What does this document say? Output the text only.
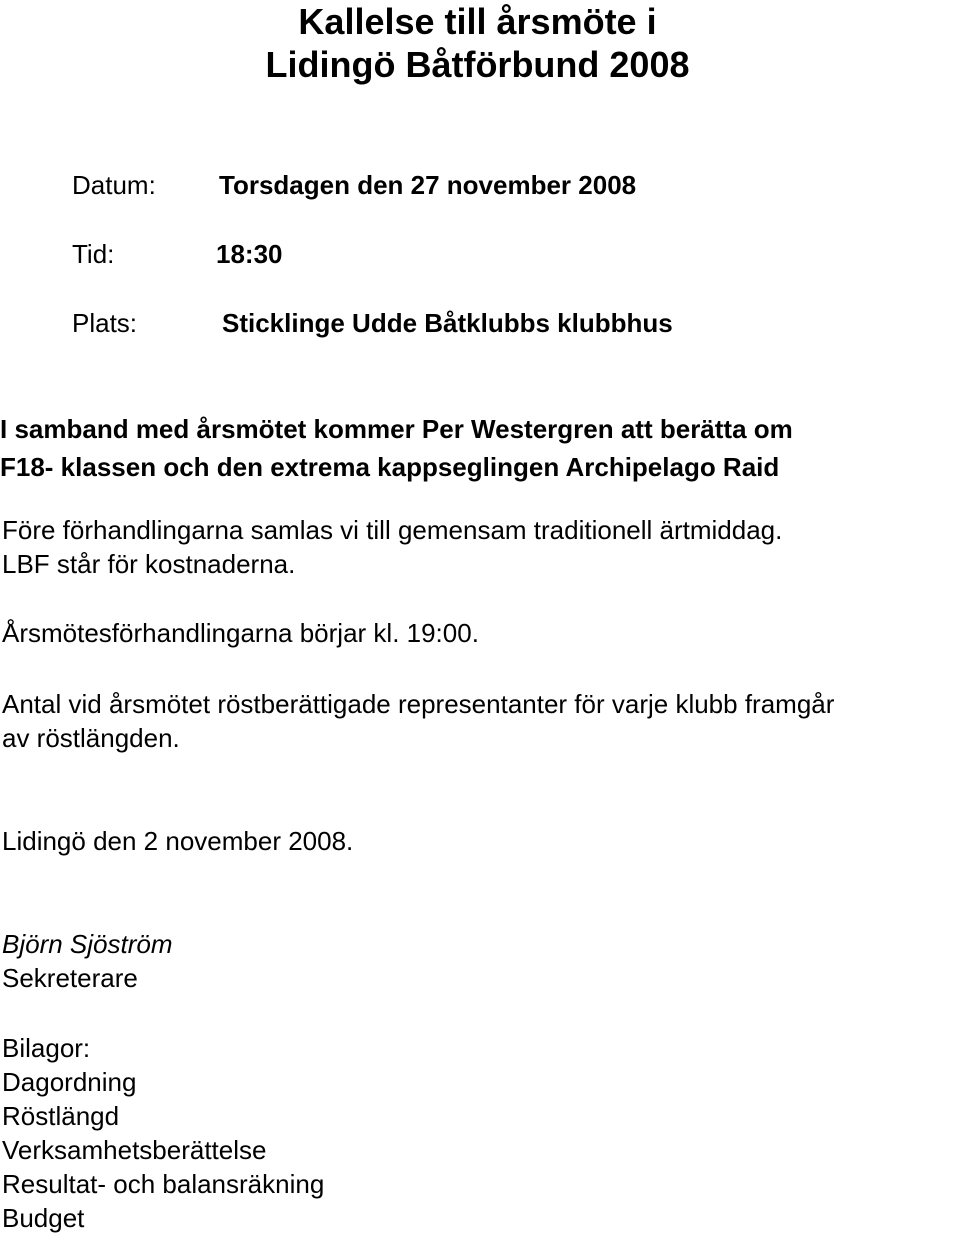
Kallelse till årsmöte i
Lidingö Båtförbund 2008
Datum: Torsdagen den 27 november 2008
Tid:	18:30
Plats:	Sticklinge Udde Båtklubbs klubbhus
I samband med årsmötet kommer Per Westergren att berätta om
F18- klassen och den extrema kappseglingen Archipelago Raid
Före förhandlingarna samlas vi till gemensam traditionell ärtmiddag.
LBF står för kostnaderna.
Årsmötesförhandlingarna börjar kl. 19:00.
Antal vid årsmötet röstberättigade representanter för varje klubb framgår
av röstlängden.
Lidingö den 2 november 2008.
Björn Sjöström
Sekreterare
Bilagor:
Dagordning
Röstlängd
Verksamhetsberättelse
Resultat- och balansräkning
Budget
